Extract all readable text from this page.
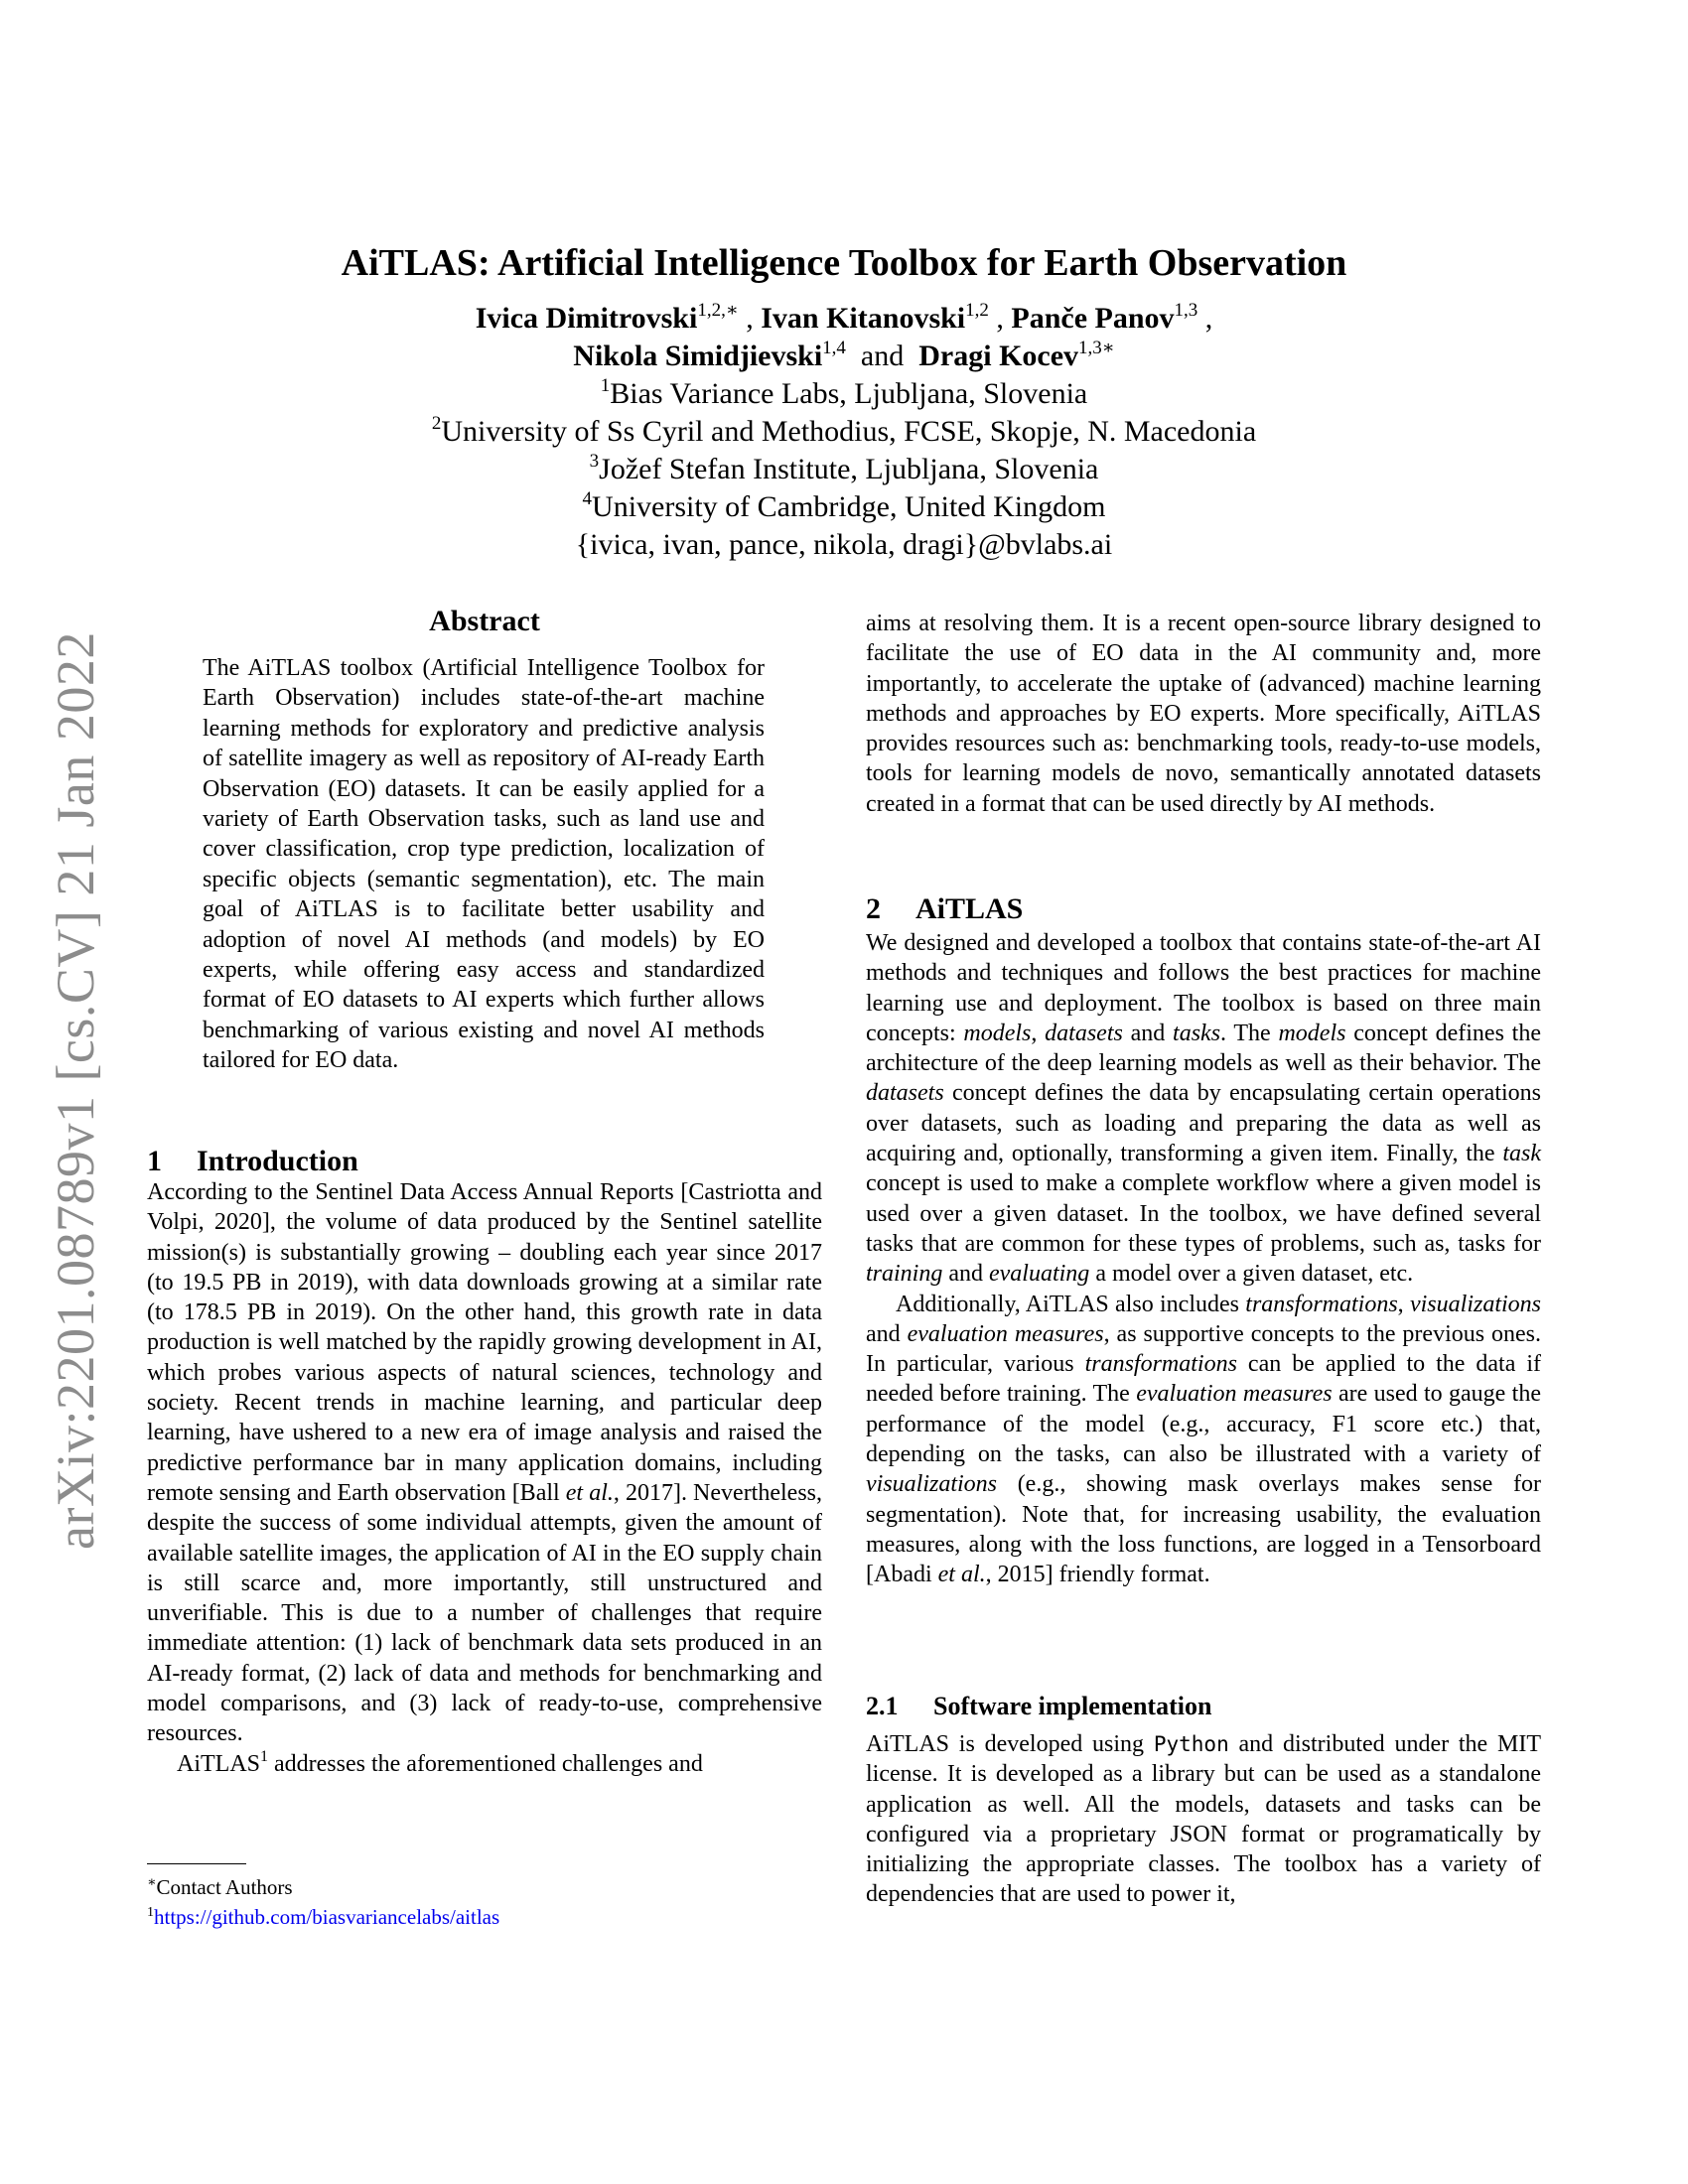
arXiv:2201.08789v1 [cs.CV] 21 Jan 2022
AiTLAS: Artificial Intelligence Toolbox for Earth Observation
Ivica Dimitrovski$^{1,2,∗}$ , Ivan Kitanovski$^{1,2}$ , Panče Panov$^{1,3}$ ,
Nikola Simidjievski$^{1,4}$ and Dragi Kocev$^{1,3∗}$
$^1$Bias Variance Labs, Ljubljana, Slovenia
$^2$University of Ss Cyril and Methodius, FCSE, Skopje, N. Macedonia
$^3$Jožef Stefan Institute, Ljubljana, Slovenia
$^4$University of Cambridge, United Kingdom
{ivica, ivan, pance, nikola, dragi}@bvlabs.ai
Abstract
The AiTLAS toolbox (Artificial Intelligence Toolbox for Earth Observation) includes state-of-the-art machine learning methods for exploratory and predictive analysis of satellite imagery as well as repository of AI-ready Earth Observation (EO) datasets. It can be easily applied for a variety of Earth Observation tasks, such as land use and cover classification, crop type prediction, localization of specific objects (semantic segmentation), etc. The main goal of AiTLAS is to facilitate better usability and adoption of novel AI methods (and models) by EO experts, while offering easy access and standardized format of EO datasets to AI experts which further allows benchmarking of various existing and novel AI methods tailored for EO data.
1 Introduction

According to the Sentinel Data Access Annual Reports [Castriotta and Volpi, 2020], the volume of data produced by the Sentinel satellite mission(s) is substantially growing – doubling each year since 2017 (to 19.5 PB in 2019), with data downloads growing at a similar rate (to 178.5 PB in 2019). On the other hand, this growth rate in data production is well matched by the rapidly growing development in AI, which probes various aspects of natural sciences, technology and society. Recent trends in machine learning, and particular deep learning, have ushered to a new era of image analysis and raised the predictive performance bar in many application domains, including remote sensing and Earth observation [Ball et al., 2017]. Nevertheless, despite the success of some individual attempts, given the amount of available satellite images, the application of AI in the EO supply chain is still scarce and, more importantly, still unstructured and unverifiable. This is due to a number of challenges that require immediate attention: (1) lack of benchmark data sets produced in an AI-ready format, (2) lack of data and methods for benchmarking and model comparisons, and (3) lack of ready-to-use, comprehensive resources.

AiTLAS$^1$ addresses the aforementioned challenges and

∗Contact Authors
$^1$https://github.com/biasvariancelabs/aitlas

aims at resolving them. It is a recent open-source library designed to facilitate the use of EO data in the AI community and, more importantly, to accelerate the uptake of (advanced) machine learning methods and approaches by EO experts. More specifically, AiTLAS provides resources such as: benchmarking tools, ready-to-use models, tools for learning models de novo, semantically annotated datasets created in a format that can be used directly by AI methods.

2 AiTLAS

We designed and developed a toolbox that contains state-of-the-art AI methods and techniques and follows the best practices for machine learning use and deployment. The toolbox is based on three main concepts: models, datasets and tasks. The models concept defines the architecture of the deep learning models as well as their behavior. The datasets concept defines the data by encapsulating certain operations over datasets, such as loading and preparing the data as well as acquiring and, optionally, transforming a given item. Finally, the task concept is used to make a complete workflow where a given model is used over a given dataset. In the toolbox, we have defined several tasks that are common for these types of problems, such as, tasks for training and evaluating a model over a given dataset, etc.

Additionally, AiTLAS also includes transformations, visualizations and evaluation measures, as supportive concepts to the previous ones. In particular, various transformations can be applied to the data if needed before training. The evaluation measures are used to gauge the performance of the model (e.g., accuracy, F1 score etc.) that, depending on the tasks, can also be illustrated with a variety of visualizations (e.g., showing mask overlays makes sense for segmentation). Note that, for increasing usability, the evaluation measures, along with the loss functions, are logged in a Tensorboard [Abadi et al., 2015] friendly format.

2.1 Software implementation

AiTLAS is developed using Python and distributed under the MIT license. It is developed as a library but can be used as a standalone application as well. All the models, datasets and tasks can be configured via a proprietary JSON format or programatically by initializing the appropriate classes. The toolbox has a variety of dependencies that are used to power it,
